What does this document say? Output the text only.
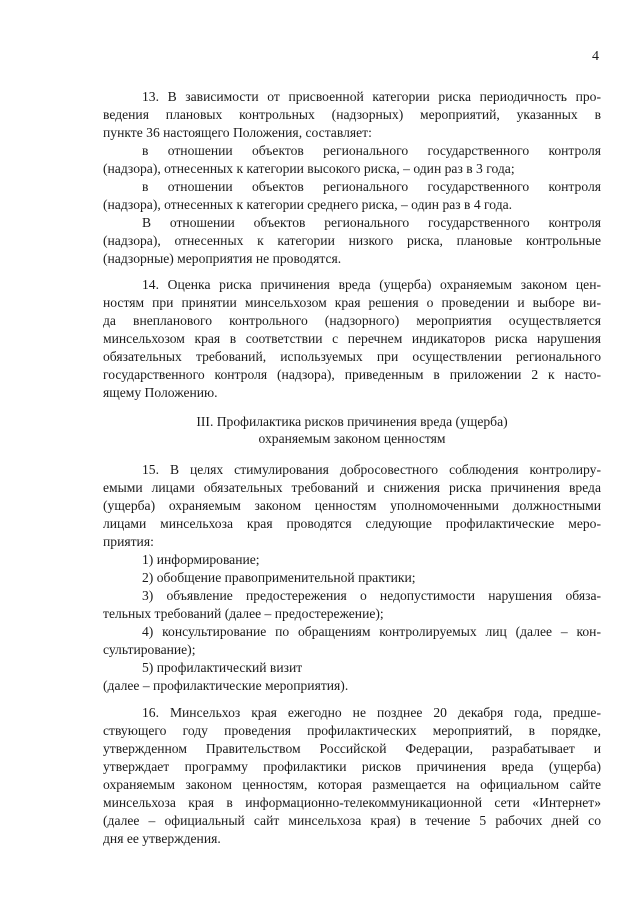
4
13. В зависимости от присвоенной категории риска периодичность про-
ведения плановых контрольных (надзорных) мероприятий, указанных в
пункте 36 настоящего Положения, составляет:
в отношении объектов регионального государственного контроля
(надзора), отнесенных к категории высокого риска, – один раз в 3 года;
в отношении объектов регионального государственного контроля
(надзора), отнесенных к категории среднего риска, – один раз в 4 года.
В отношении объектов регионального государственного контроля
(надзора), отнесенных к категории низкого риска, плановые контрольные
(надзорные) мероприятия не проводятся.
14. Оценка риска причинения вреда (ущерба) охраняемым законом цен-
ностям при принятии минсельхозом края решения о проведении и выборе ви-
да внепланового контрольного (надзорного) мероприятия осуществляется
минсельхозом края в соответствии с перечнем индикаторов риска нарушения
обязательных требований, используемых при осуществлении регионального
государственного контроля (надзора), приведенным в приложении 2 к насто-
ящему Положению.
III. Профилактика рисков причинения вреда (ущерба)
охраняемым законом ценностям
15. В целях стимулирования добросовестного соблюдения контролиру-
емыми лицами обязательных требований и снижения риска причинения вреда
(ущерба) охраняемым законом ценностям уполномоченными должностными
лицами минсельхоза края проводятся следующие профилактические меро-
приятия:
1) информирование;
2) обобщение правоприменительной практики;
3) объявление предостережения о недопустимости нарушения обяза-
тельных требований (далее – предостережение);
4) консультирование по обращениям контролируемых лиц (далее – кон-
сультирование);
5) профилактический визит
(далее – профилактические мероприятия).
16. Минсельхоз края ежегодно не позднее 20 декабря года, предше-
ствующего году проведения профилактических мероприятий, в порядке,
утвержденном Правительством Российской Федерации, разрабатывает и
утверждает программу профилактики рисков причинения вреда (ущерба)
охраняемым законом ценностям, которая размещается на официальном сайте
минсельхоза края в информационно-телекоммуникационной сети «Интернет»
(далее – официальный сайт минсельхоза края) в течение 5 рабочих дней со
дня ее утверждения.
